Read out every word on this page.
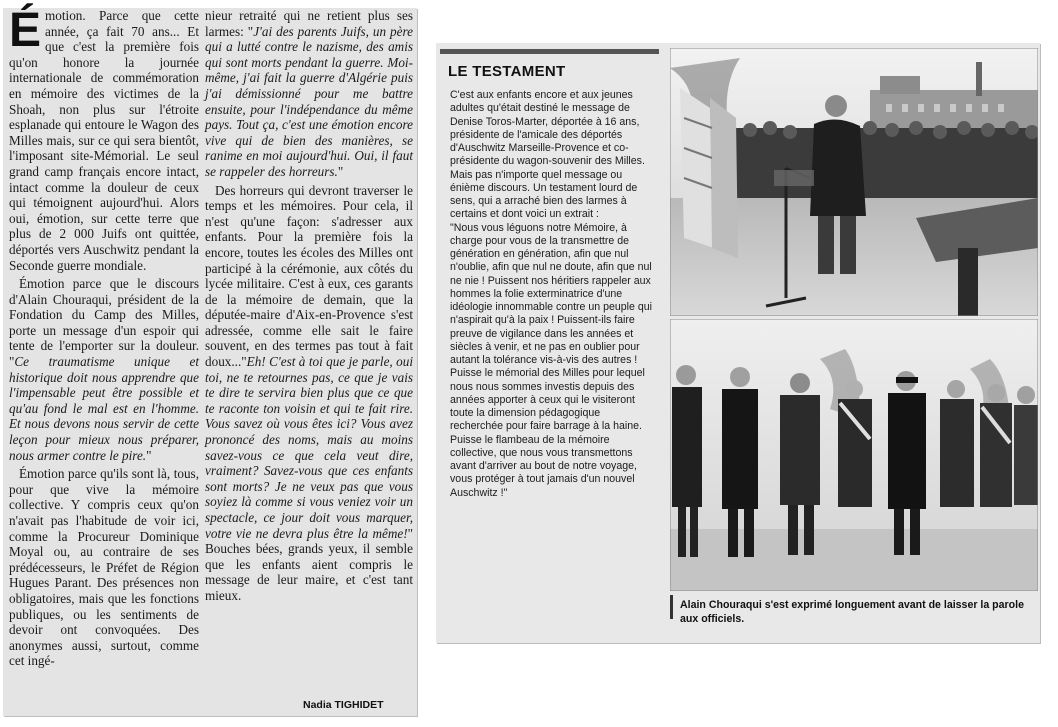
Émotion. Parce que cette année, ça fait 70 ans... Et que c'est la première fois qu'on honore la journée internationale de commémoration en mémoire des victimes de la Shoah, non plus sur l'étroite esplanade qui entoure le Wagon des Milles mais, sur ce qui sera bientôt, l'imposant site-Mémorial. Le seul grand camp français encore intact, intact comme la douleur de ceux qui témoignent aujourd'hui. Alors oui, émotion, sur cette terre que plus de 2 000 Juifs ont quittée, déportés vers Auschwitz pendant la Seconde guerre mondiale.

Émotion parce que le discours d'Alain Chouraqui, président de la Fondation du Camp des Milles, porte un message d'un espoir qui tente de l'emporter sur la douleur. "Ce traumatisme unique et historique doit nous apprendre que l'impensable peut être possible et qu'au fond le mal est en l'homme. Et nous devons nous servir de cette leçon pour mieux nous préparer, nous armer contre le pire."

Émotion parce qu'ils sont là, tous, pour que vive la mémoire collective. Y compris ceux qu'on n'avait pas l'habitude de voir ici, comme la Procureur Dominique Moyal ou, au contraire de ses prédécesseurs, le Préfet de Région Hugues Parant. Des présences non obligatoires, mais que les fonctions publiques, ou les sentiments de devoir ont convoquées. Des anonymes aussi, surtout, comme cet ingé-

nieur retraité qui ne retient plus ses larmes: "J'ai des parents Juifs, un père qui a lutté contre le nazisme, des amis qui sont morts pendant la guerre. Moi-même, j'ai fait la guerre d'Algérie puis j'ai démissionné pour me battre ensuite, pour l'indépendance du même pays. Tout ça, c'est une émotion encore vive qui de bien des manières, se ranime en moi aujourd'hui. Oui, il faut se rappeler des horreurs."

Des horreurs qui devront traverser le temps et les mémoires. Pour cela, il n'est qu'une façon: s'adresser aux enfants. Pour la première fois la encore, toutes les écoles des Milles ont participé à la cérémonie, aux côtés du lycée militaire. C'est à eux, ces garants de la mémoire de demain, que la députée-maire d'Aix-en-Provence s'est adressée, comme elle sait le faire souvent, en des termes pas tout à fait doux..."Eh! C'est à toi que je parle, oui toi, ne te retournes pas, ce que je vais te dire te servira bien plus que ce que te raconte ton voisin et qui te fait rire. Vous savez où vous êtes ici? Vous avez prononcé des noms, mais au moins savez-vous ce que cela veut dire, vraiment? Savez-vous que ces enfants sont morts? Je ne veux pas que vous soyiez là comme si vous veniez voir un spectacle, ce jour doit vous marquer, votre vie ne devra plus être la même!" Bouches bées, grands yeux, il semble que les enfants aient compris le message de leur maire, et c'est tant mieux.

Nadia TIGHIDET
LE TESTAMENT

C'est aux enfants encore et aux jeunes adultes qu'était destiné le message de Denise Toros-Marter, déportée à 16 ans, présidente de l'amicale des déportés d'Auschwitz Marseille-Provence et co-présidente du wagon-souvenir des Milles. Mais pas n'importe quel message ou énième discours. Un testament lourd de sens, qui a arraché bien des larmes à certains et dont voici un extrait :

"Nous vous léguons notre Mémoire, à charge pour vous de la transmettre de génération en génération, afin que nul n'oublie, afin que nul ne doute, afin que nul ne nie ! Puissent nos héritiers rappeler aux hommes la folie exterminatrice d'une idéologie innommable contre un peuple qui n'aspirait qu'à la paix ! Puissent-ils faire preuve de vigilance dans les années et siècles à venir, et ne pas en oublier pour autant la tolérance vis-à-vis des autres !

Puisse le mémorial des Milles pour lequel nous nous sommes investis depuis des années apporter à ceux qui le visiteront toute la dimension pédagogique recherchée pour faire barrage à la haine.

Puisse le flambeau de la mémoire collective, que nous vous transmettons avant d'arriver au bout de notre voyage, vous protéger à tout jamais d'un nouvel Auschwitz !"

Alain Chouraqui s'est exprimé longuement avant de laisser la parole aux officiels.
